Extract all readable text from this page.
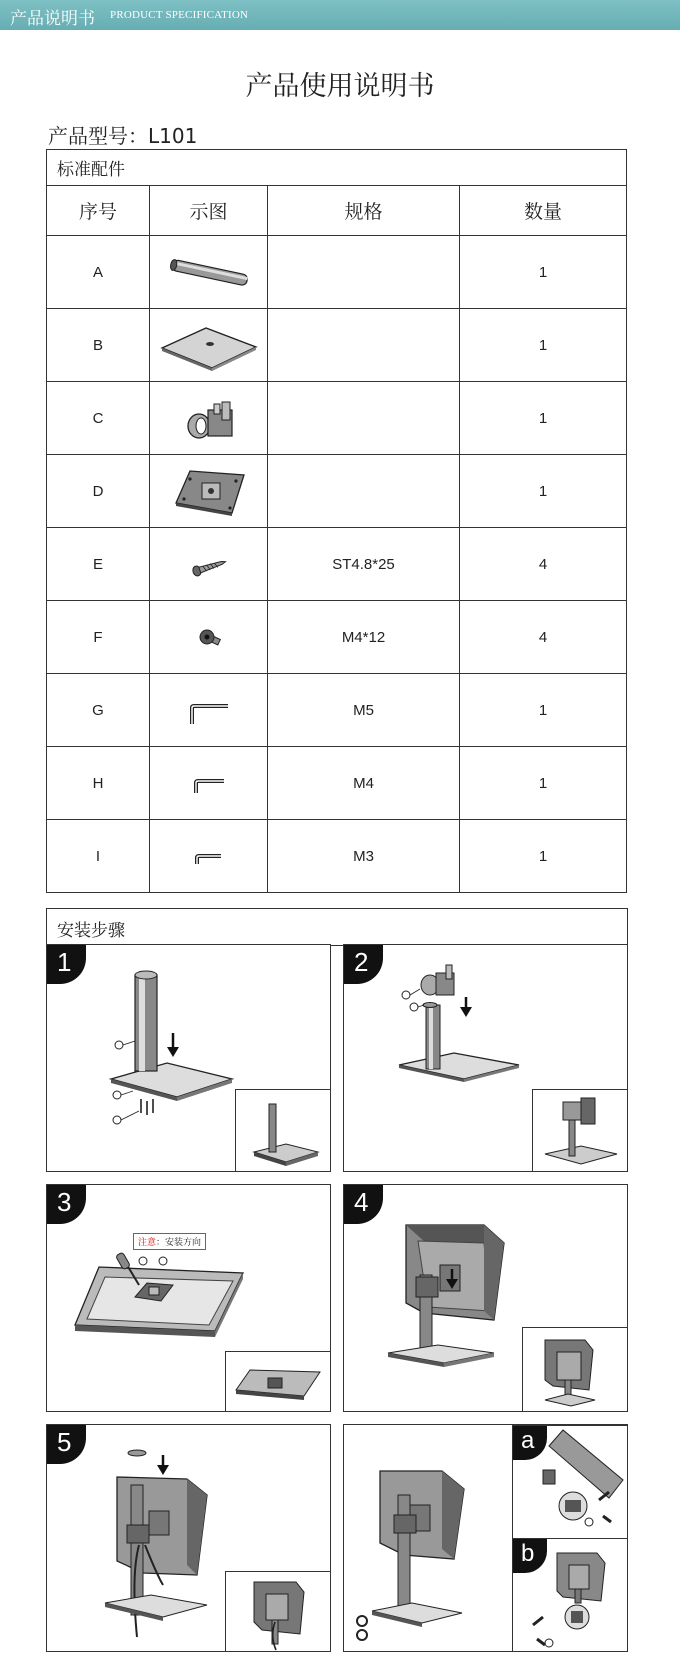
产品说明书 PRODUCT SPECIFICATION
产品使用说明书
产品型号：L101
标准配件			
序号	示图	规格	数量
A			1
B			1
C			1
D			1
E		ST4.8*25	4
F		M4*12	4
G		M5	1
H		M4	1
I		M3	1
安装步骤
1	2
3
注意：安装方向
4
5	a
b
